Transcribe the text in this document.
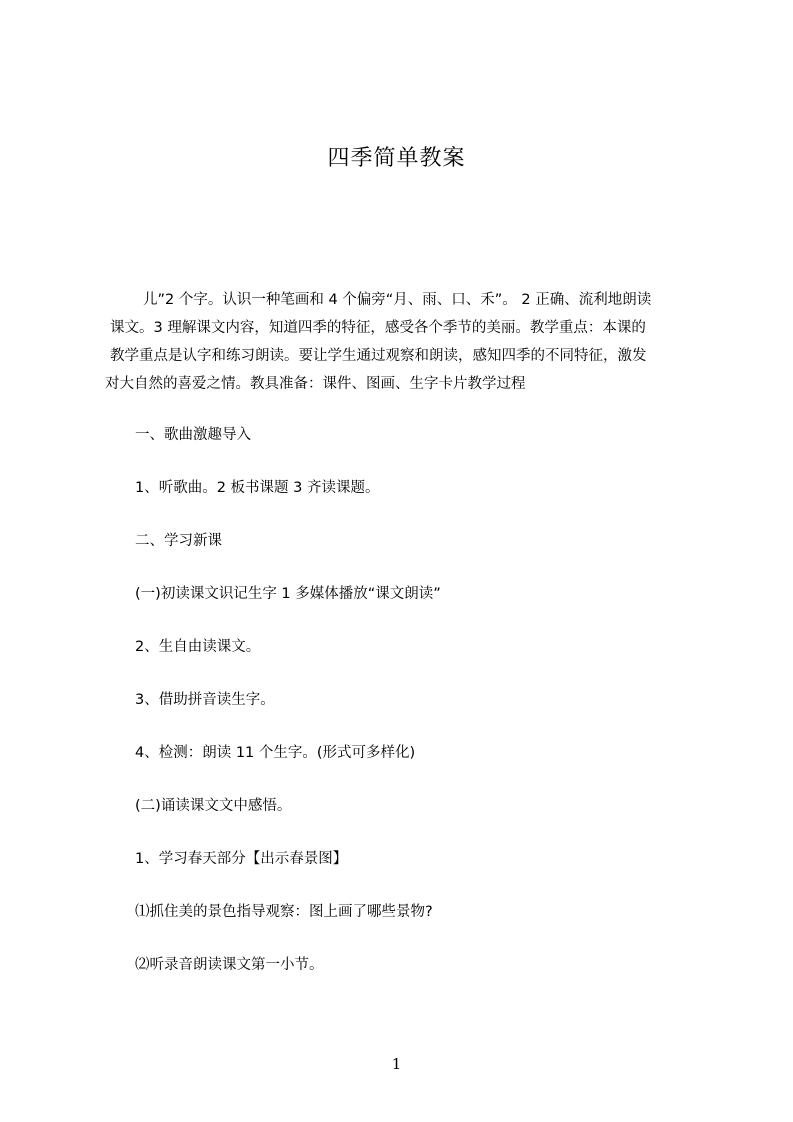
四季简单教案
儿”2 个字。认识一种笔画和 4 个偏旁“月、雨、口、禾”。 2 正确、流利地朗读
课文。3 理解课文内容，知道四季的特征，感受各个季节的美丽。教学重点：本课的
教学重点是认字和练习朗读。要让学生通过观察和朗读，感知四季的不同特征，激发
对大自然的喜爱之情。教具准备：课件、图画、生字卡片教学过程
一、歌曲激趣导入
1、听歌曲。2 板书课题 3 齐读课题。
二、学习新课
(一)初读课文识记生字 1 多媒体播放“课文朗读”
2、生自由读课文。
3、借助拼音读生字。
4、检测：朗读 11 个生字。(形式可多样化)
(二)诵读课文文中感悟。
1、学习春天部分【出示春景图】
⑴抓住美的景色指导观察：图上画了哪些景物?
⑵听录音朗读课文第一小节。
1
